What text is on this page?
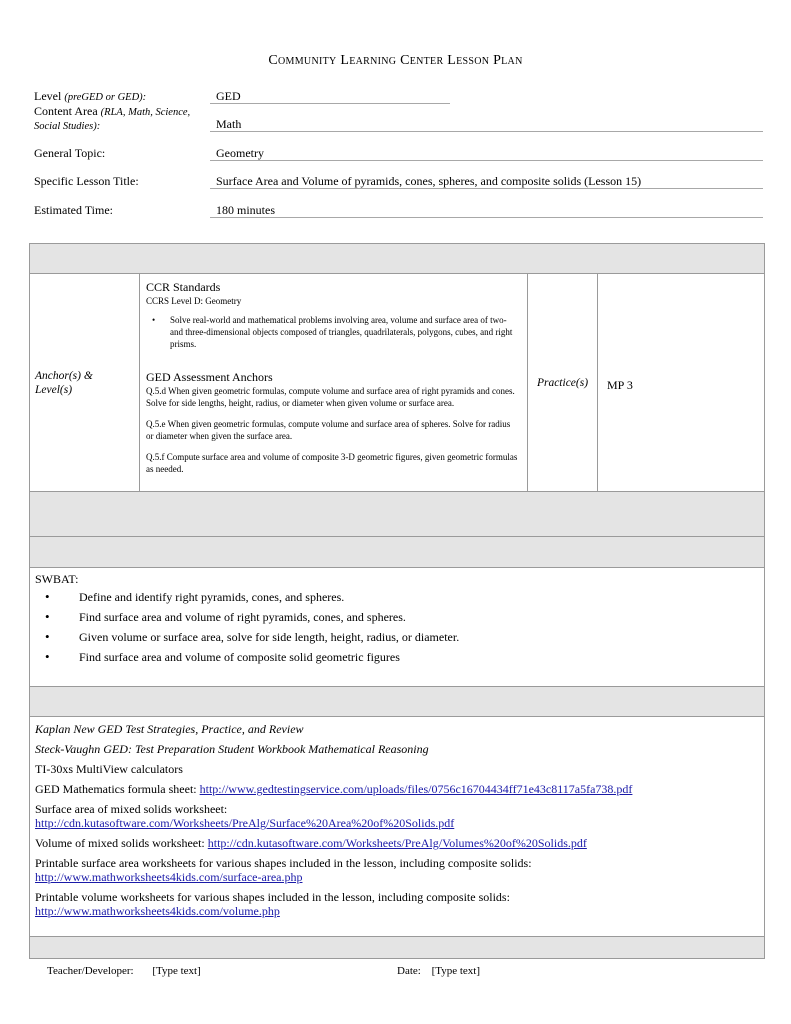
Community Learning Center Lesson Plan
Level (preGED or GED):	GED
Content Area (RLA, Math, Science, Social Studies):	Math
General Topic:	Geometry
Specific Lesson Title:	Surface Area and Volume of pyramids, cones, spheres, and composite solids (Lesson 15)
Estimated Time:	180 minutes

Anchor(s) & Level(s)

CCR Standards
CCRS Level D: Geometry
• Solve real-world and mathematical problems involving area, volume and surface area of two- and three-dimensional objects composed of triangles, quadrilaterals, polygons, cubes, and right prisms.
GED Assessment Anchors
Q.5.d When given geometric formulas, compute volume and surface area of right pyramids and cones. Solve for side lengths, height, radius, or diameter when given volume or surface area.
Q.5.e When given geometric formulas, compute volume and surface area of spheres. Solve for radius or diameter when given the surface area.
Q.5.f Compute surface area and volume of composite 3-D geometric figures, given geometric formulas as needed.

Practice(s)	MP 3

SWBAT:
• Define and identify right pyramids, cones, and spheres.
• Find surface area and volume of right pyramids, cones, and spheres.
• Given volume or surface area, solve for side length, height, radius, or diameter.
• Find surface area and volume of composite solid geometric figures

Kaplan New GED Test Strategies, Practice, and Review
Steck-Vaughn GED: Test Preparation Student Workbook Mathematical Reasoning
TI-30xs MultiView calculators
GED Mathematics formula sheet: http://www.gedtestingservice.com/uploads/files/0756c16704434ff71e43c8117a5fa738.pdf
Surface area of mixed solids worksheet:
http://cdn.kutasoftware.com/Worksheets/PreAlg/Surface%20Area%20of%20Solids.pdf
Volume of mixed solids worksheet: http://cdn.kutasoftware.com/Worksheets/PreAlg/Volumes%20of%20Solids.pdf
Printable surface area worksheets for various shapes included in the lesson, including composite solids:
http://www.mathworksheets4kids.com/surface-area.php
Printable volume worksheets for various shapes included in the lesson, including composite solids:
http://www.mathworksheets4kids.com/volume.php

Teacher/Developer: [Type text]	Date: [Type text]
